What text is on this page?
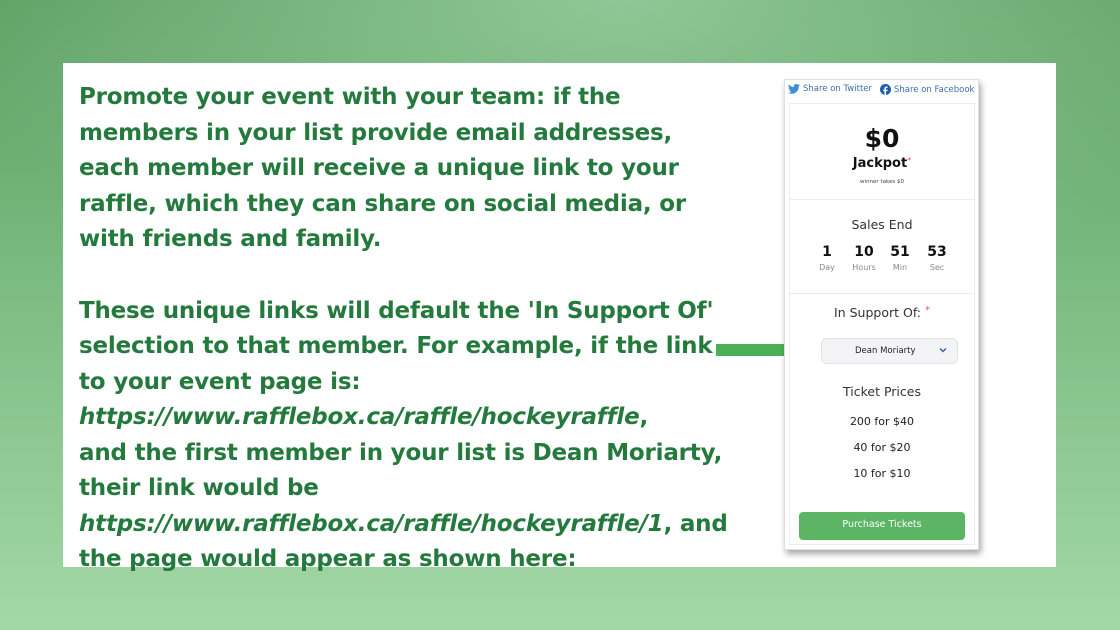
Promote your event with your team: if the members in your list provide email addresses, each member will receive a unique link to your raffle, which they can share on social media, or with friends and family.

These unique links will default the 'In Support Of' selection to that member. For example, if the link to your event page is:
https://www.rafflebox.ca/raffle/hockeyraffle,
and the first member in your list is Dean Moriarty, their link would be
https://www.rafflebox.ca/raffle/hockeyraffle/1, and the page would appear as shown here:

Share on Twitter	Share on Facebook
$0
Jackpot*
winner takes $0
Sales End
1
Day
10
Hours
51
Min
53
Sec
In Support Of: *
Dean Moriarty
Ticket Prices
200 for $40
40 for $20
10 for $10
Purchase Tickets
